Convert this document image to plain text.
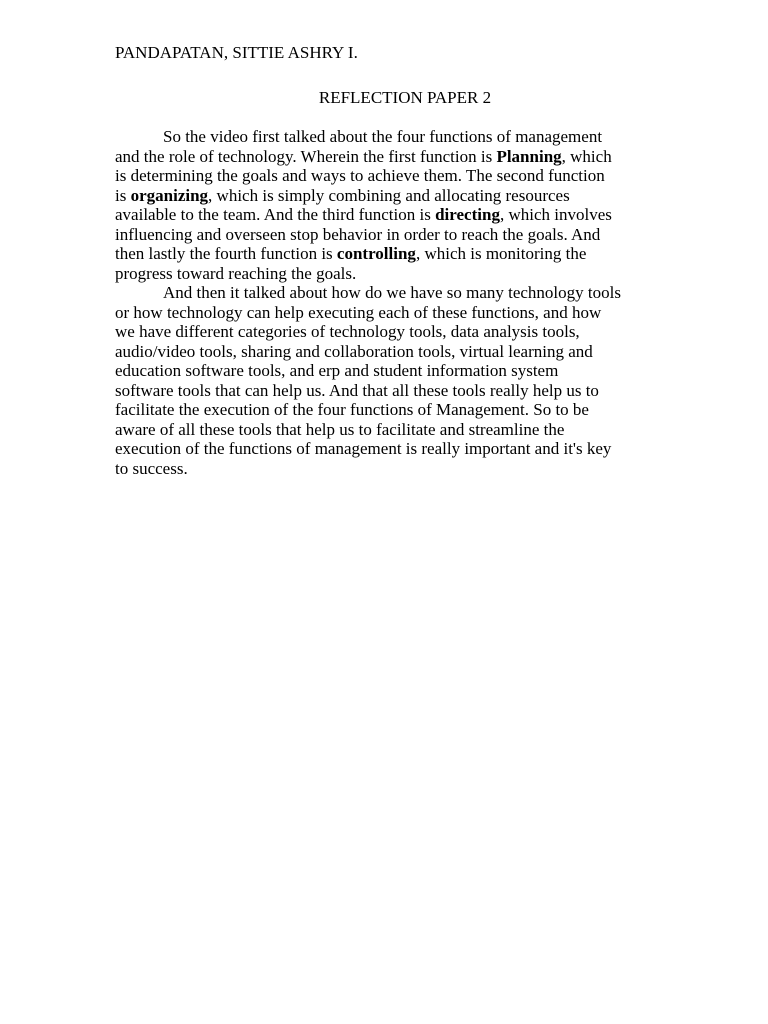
PANDAPATAN, SITTIE ASHRY I.
REFLECTION PAPER 2
So the video first talked about the four functions of management
and the role of technology. Wherein the first function is Planning, which
is determining the goals and ways to achieve them. The second function
is organizing, which is simply combining and allocating resources
available to the team. And the third function is directing, which involves
influencing and overseen stop behavior in order to reach the goals. And
then lastly the fourth function is controlling, which is monitoring the
progress toward reaching the goals.
And then it talked about how do we have so many technology tools
or how technology can help executing each of these functions, and how
we have different categories of technology tools, data analysis tools,
audio/video tools, sharing and collaboration tools, virtual learning and
education software tools, and erp and student information system
software tools that can help us. And that all these tools really help us to
facilitate the execution of the four functions of Management. So to be
aware of all these tools that help us to facilitate and streamline the
execution of the functions of management is really important and it's key
to success.
